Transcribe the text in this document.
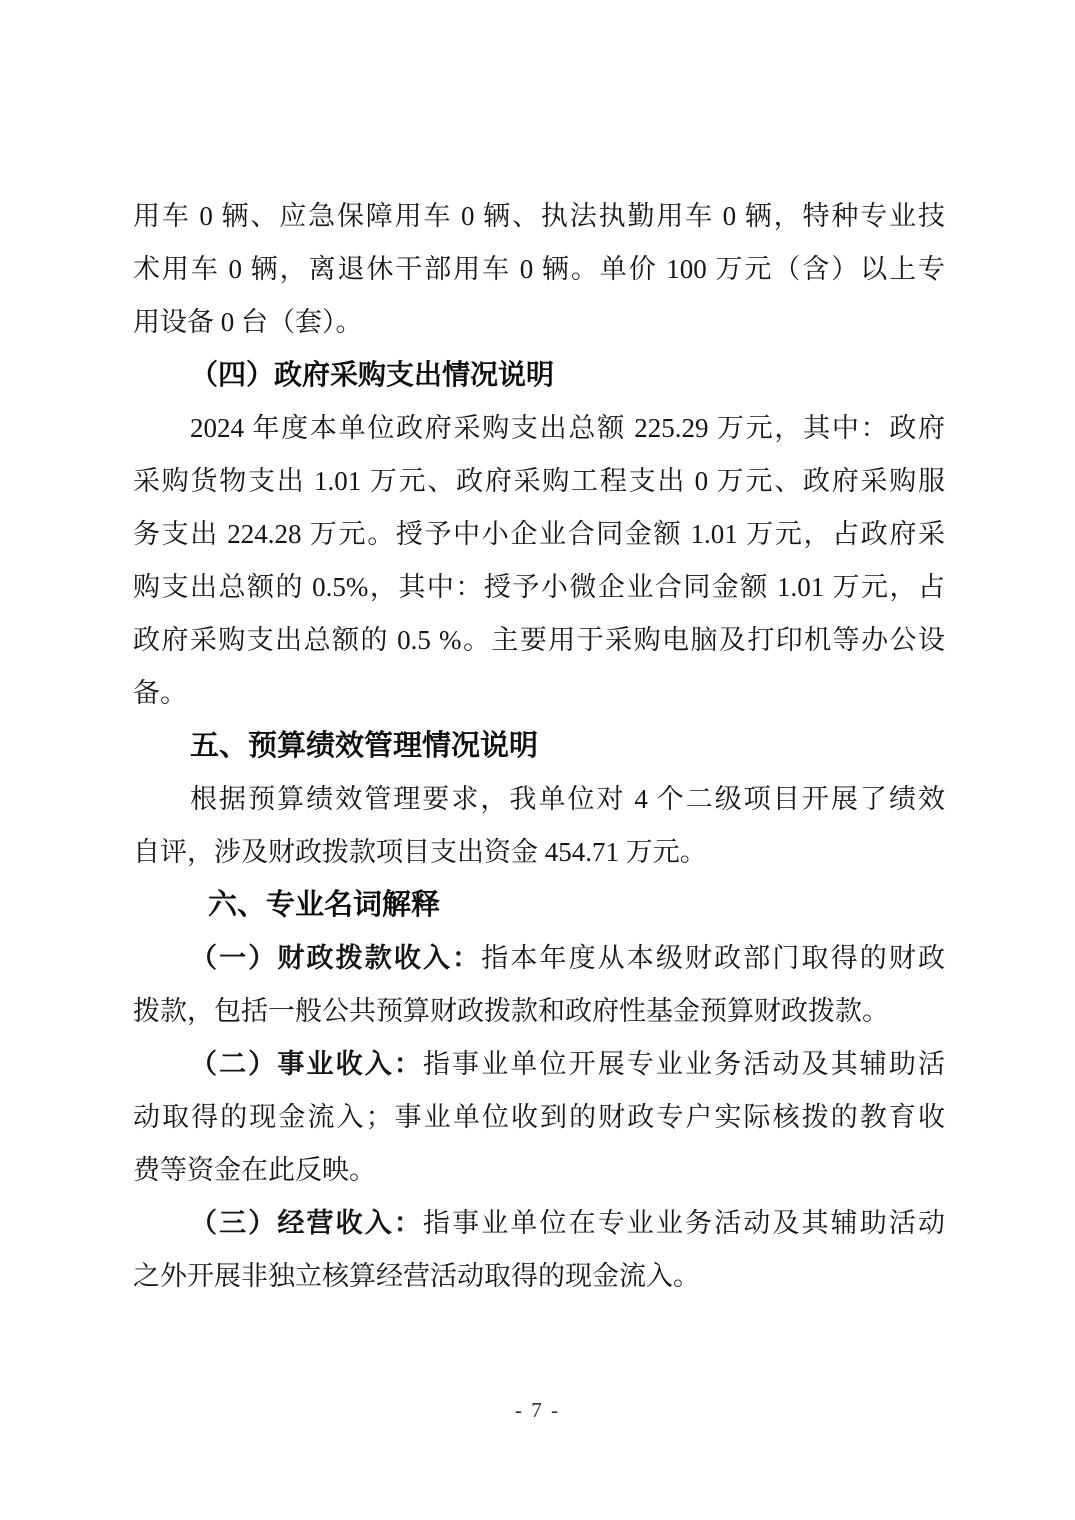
用车 0 辆、应急保障用车 0 辆、执法执勤用车 0 辆，特种专业技
术用车 0 辆，离退休干部用车 0 辆。单价 100 万元（含）以上专
用设备 0 台（套）。
（四）政府采购支出情况说明
2024 年度本单位政府采购支出总额 225.29 万元，其中：政府
采购货物支出 1.01 万元、政府采购工程支出 0 万元、政府采购服
务支出 224.28 万元。授予中小企业合同金额 1.01 万元，占政府采
购支出总额的 0.5%，其中：授予小微企业合同金额 1.01 万元，占
政府采购支出总额的 0.5 %。主要用于采购电脑及打印机等办公设
备。
五、预算绩效管理情况说明
根据预算绩效管理要求，我单位对 4 个二级项目开展了绩效
自评，涉及财政拨款项目支出资金 454.71 万元。
六、专业名词解释
（一）财政拨款收入：指本年度从本级财政部门取得的财政
拨款，包括一般公共预算财政拨款和政府性基金预算财政拨款。
（二）事业收入：指事业单位开展专业业务活动及其辅助活
动取得的现金流入；事业单位收到的财政专户实际核拨的教育收
费等资金在此反映。
（三）经营收入：指事业单位在专业业务活动及其辅助活动
之外开展非独立核算经营活动取得的现金流入。
- 7 -
